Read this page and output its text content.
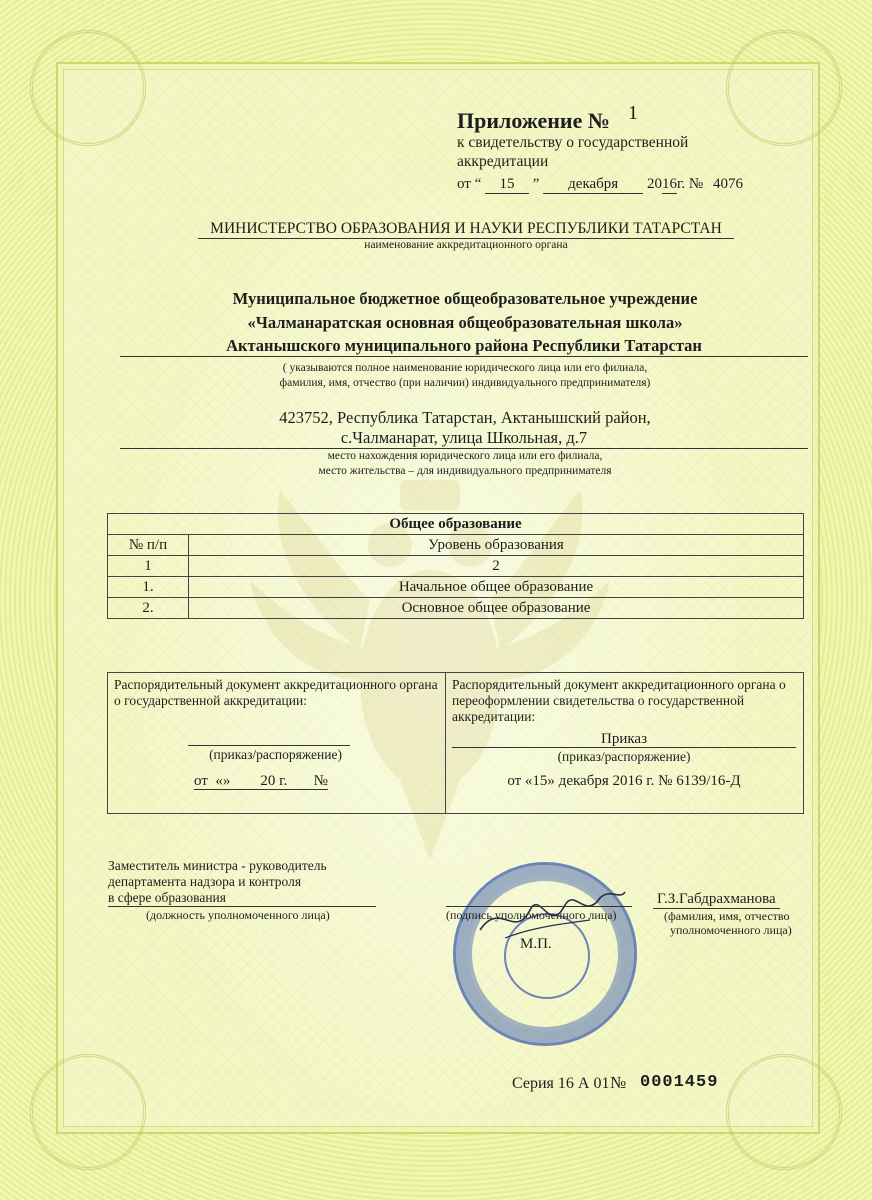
Приложение № 1
к свидетельству о государственной
аккредитации
от “ 15 ” декабря 2016г. № 4076
МИНИСТЕРСТВО ОБРАЗОВАНИЯ И НАУКИ РЕСПУБЛИКИ ТАТАРСТАН
наименование аккредитационного органа
Муниципальное бюджетное общеобразовательное учреждение
«Чалманаратская основная общеобразовательная школа»
Актанышского муниципального района Республики Татарстан
( указываются полное наименование юридического лица или его филиала,
фамилия, имя, отчество (при наличии) индивидуального предпринимателя)
423752, Республика Татарстан, Актанышский район,
с.Чалманарат, улица Школьная, д.7
место нахождения юридического лица или его филиала,
место жительства – для индивидуального предпринимателя
Общее образование	
№ п/п	Уровень образования
1	2
1.	Начальное общее образование
2.	Основное общее образование
Распорядительный документ аккредитационного органа о государственной аккредитации:
(приказ/распоряжение)
от  «»        20 г.       №

Распорядительный документ аккредитационного органа о переоформлении свидетельства о государственной аккредитации:
Приказ
(приказ/распоряжение)
от «15» декабря 2016 г. № 6139/16-Д
Заместитель министра - руководитель
департамента надзора и контроля
в сфере образования
(должность уполномоченного лица)	(подпись уполномоченного лица)
М.П.
Г.З.Габдрахманова
(фамилия, имя, отчество
уполномоченного лица)
Серия 16 А 01 № 0001459
